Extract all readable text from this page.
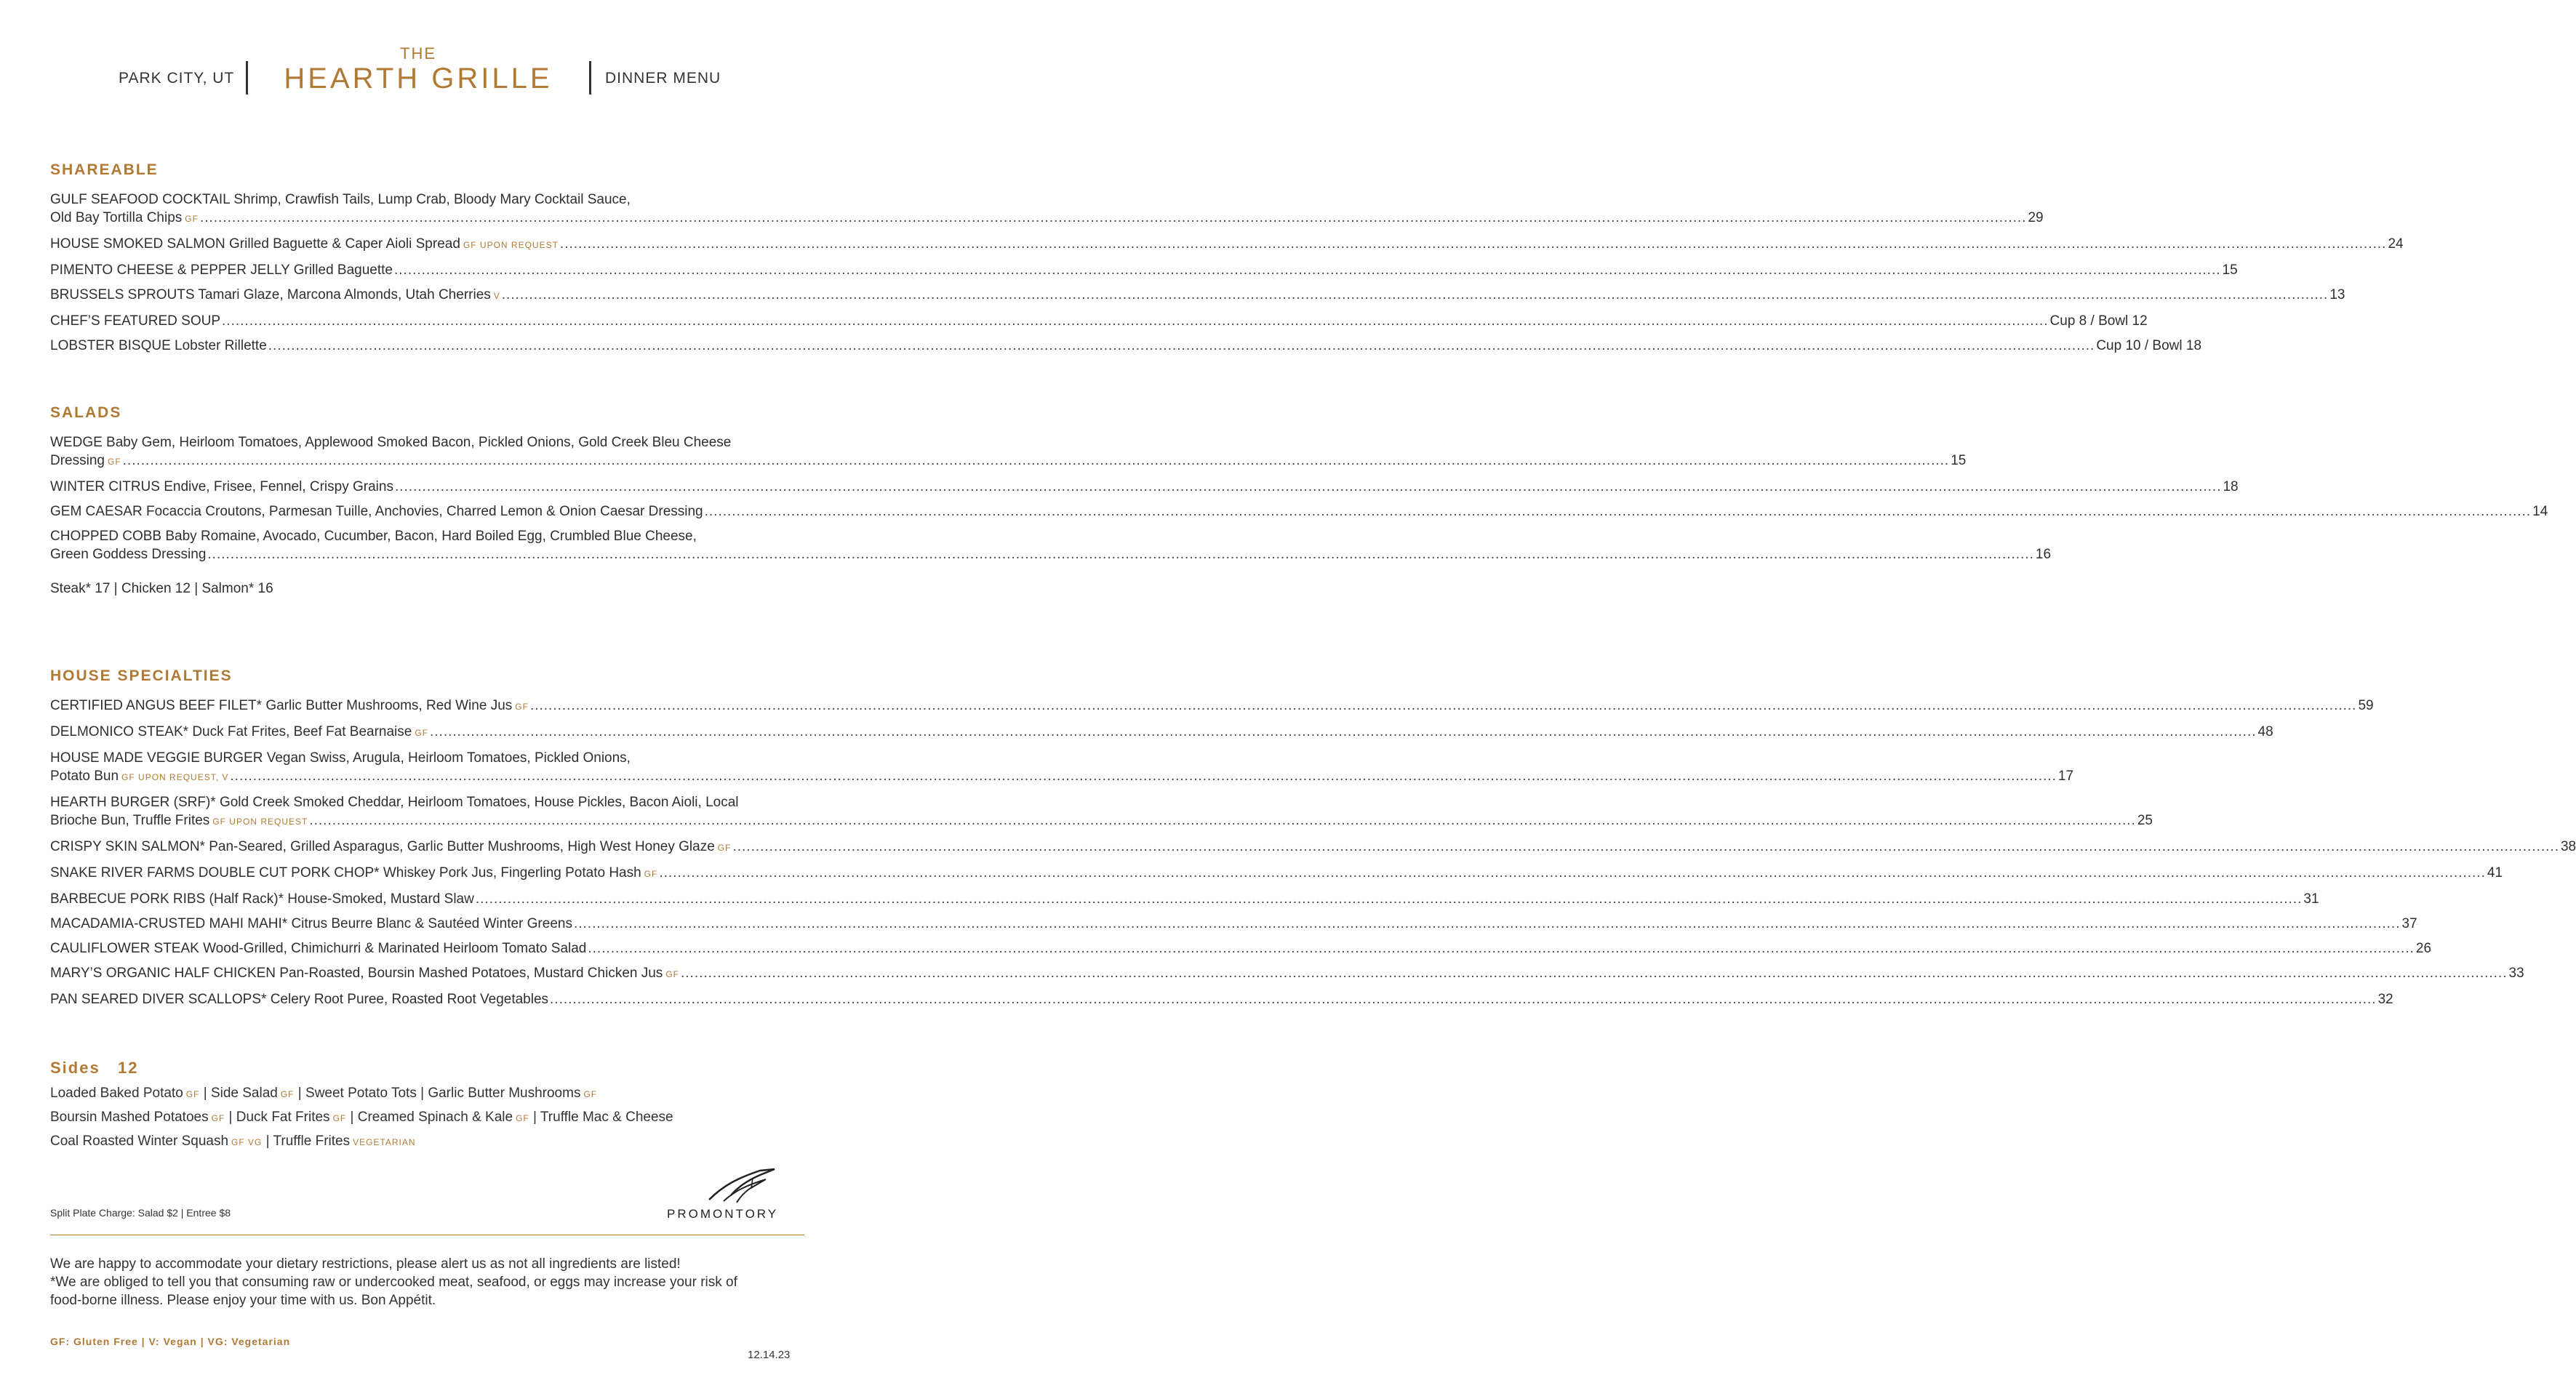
PARK CITY, UT
THE
HEARTH GRILLE	DINNER MENU
SHAREABLE
GULF SEAFOOD COCKTAIL Shrimp, Crawfish Tails, Lump Crab, Bloody Mary Cocktail Sauce,
Old Bay Tortilla Chips GF ................................................................................................................................................................................................................................................................................................................................................................................................................ 29
HOUSE SMOKED SALMON Grilled Baguette & Caper Aioli Spread GF UPON REQUEST ................................................................................................................................................................................................................................................................................................................................................................................................................ 24
PIMENTO CHEESE & PEPPER JELLY Grilled Baguette ................................................................................................................................................................................................................................................................................................................................................................................................................ 15
BRUSSELS SPROUTS Tamari Glaze, Marcona Almonds, Utah Cherries V ................................................................................................................................................................................................................................................................................................................................................................................................................ 13
CHEF’S FEATURED SOUP ................................................................................................................................................................................................................................................................................................................................................................................................................ Cup 8 / Bowl 12
LOBSTER BISQUE Lobster Rillette ................................................................................................................................................................................................................................................................................................................................................................................................................ Cup 10 / Bowl 18
SALADS
WEDGE Baby Gem, Heirloom Tomatoes, Applewood Smoked Bacon, Pickled Onions, Gold Creek Bleu Cheese
Dressing GF ................................................................................................................................................................................................................................................................................................................................................................................................................ 15
WINTER CITRUS Endive, Frisee, Fennel, Crispy Grains ................................................................................................................................................................................................................................................................................................................................................................................................................ 18
GEM CAESAR Focaccia Croutons, Parmesan Tuille, Anchovies, Charred Lemon & Onion Caesar Dressing ................................................................................................................................................................................................................................................................................................................................................................................................................ 14
CHOPPED COBB Baby Romaine, Avocado, Cucumber, Bacon, Hard Boiled Egg, Crumbled Blue Cheese,
Green Goddess Dressing ................................................................................................................................................................................................................................................................................................................................................................................................................ 16
Steak* 17 | Chicken 12 | Salmon* 16
HOUSE SPECIALTIES
CERTIFIED ANGUS BEEF FILET* Garlic Butter Mushrooms, Red Wine Jus GF ................................................................................................................................................................................................................................................................................................................................................................................................................ 59
DELMONICO STEAK* Duck Fat Frites, Beef Fat Bearnaise GF ................................................................................................................................................................................................................................................................................................................................................................................................................ 48
HOUSE MADE VEGGIE BURGER Vegan Swiss, Arugula, Heirloom Tomatoes, Pickled Onions,
Potato Bun GF UPON REQUEST, V ................................................................................................................................................................................................................................................................................................................................................................................................................ 17
HEARTH BURGER (SRF)* Gold Creek Smoked Cheddar, Heirloom Tomatoes, House Pickles, Bacon Aioli, Local
Brioche Bun, Truffle Frites GF UPON REQUEST ................................................................................................................................................................................................................................................................................................................................................................................................................ 25
CRISPY SKIN SALMON* Pan-Seared, Grilled Asparagus, Garlic Butter Mushrooms, High West Honey Glaze GF ................................................................................................................................................................................................................................................................................................................................................................................................................ 38
SNAKE RIVER FARMS DOUBLE CUT PORK CHOP* Whiskey Pork Jus, Fingerling Potato Hash GF ................................................................................................................................................................................................................................................................................................................................................................................................................ 41
BARBECUE PORK RIBS (Half Rack)* House-Smoked, Mustard Slaw ................................................................................................................................................................................................................................................................................................................................................................................................................ 31
MACADAMIA-CRUSTED MAHI MAHI* Citrus Beurre Blanc & Sautéed Winter Greens ................................................................................................................................................................................................................................................................................................................................................................................................................ 37
CAULIFLOWER STEAK Wood-Grilled, Chimichurri & Marinated Heirloom Tomato Salad ................................................................................................................................................................................................................................................................................................................................................................................................................ 26
MARY’S ORGANIC HALF CHICKEN Pan-Roasted, Boursin Mashed Potatoes, Mustard Chicken Jus GF ................................................................................................................................................................................................................................................................................................................................................................................................................ 33
PAN SEARED DIVER SCALLOPS* Celery Root Puree, Roasted Root Vegetables ................................................................................................................................................................................................................................................................................................................................................................................................................ 32
Sides 12
Loaded Baked Potato GF | Side Salad GF | Sweet Potato Tots | Garlic Butter Mushrooms GF
Boursin Mashed Potatoes GF | Duck Fat Frites GF | Creamed Spinach & Kale GF | Truffle Mac & Cheese
Coal Roasted Winter Squash GF VG | Truffle Frites VEGETARIAN
Split Plate Charge: Salad $2 | Entree $8	PROMONTORY
We are happy to accommodate your dietary restrictions, please alert us as not all ingredients are listed!
*We are obliged to tell you that consuming raw or undercooked meat, seafood, or eggs may increase your risk of food-borne illness. Please enjoy your time with us. Bon Appétit.
GF: Gluten Free | V: Vegan | VG: Vegetarian
12.14.23
